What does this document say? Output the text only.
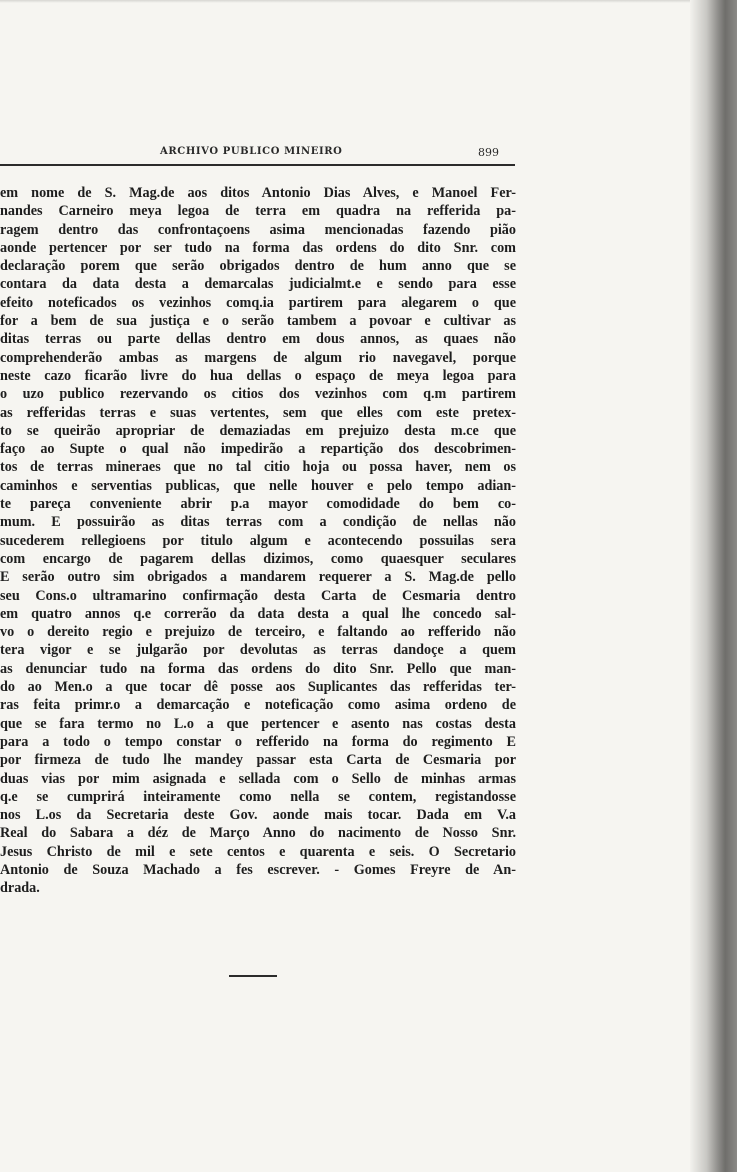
ARCHIVO PUBLICO MINEIRO	899
em nome de S. Mag.de aos ditos Antonio Dias Alves, e Manoel Fer-
nandes Carneiro meya legoa de terra em quadra na refferida pa-
ragem dentro das confrontaçoens asima mencionadas fazendo pião
aonde pertencer por ser tudo na forma das ordens do dito Snr. com
declaração porem que serão obrigados dentro de hum anno que se
contara da data desta a demarcalas judicialmt.e e sendo para esse
efeito noteficados os vezinhos comq.ia partirem para alegarem o que
for a bem de sua justiça e o serão tambem a povoar e cultivar as
ditas terras ou parte dellas dentro em dous annos, as quaes não
comprehenderão ambas as margens de algum rio navegavel, porque
neste cazo ficarão livre do hua dellas o espaço de meya legoa para
o uzo publico rezervando os citios dos vezinhos com q.m partirem
as refferidas terras e suas vertentes, sem que elles com este pretex-
to se queirão apropriar de demaziadas em prejuizo desta m.ce que
faço ao Supte o qual não impedirão a repartição dos descobrimen-
tos de terras mineraes que no tal citio hoja ou possa haver, nem os
caminhos e serventias publicas, que nelle houver e pelo tempo adian-
te pareça conveniente abrir p.a mayor comodidade do bem co-
mum. E possuirão as ditas terras com a condição de nellas não
sucederem rellegioens por titulo algum e acontecendo possuilas sera
com encargo de pagarem dellas dizimos, como quaesquer seculares
E serão outro sim obrigados a mandarem requerer a S. Mag.de pello
seu Cons.o ultramarino confirmação desta Carta de Cesmaria dentro
em quatro annos q.e correrão da data desta a qual lhe concedo sal-
vo o dereito regio e prejuizo de terceiro, e faltando ao refferido não
tera vigor e se julgarão por devolutas as terras dandoçe a quem
as denunciar tudo na forma das ordens do dito Snr. Pello que man-
do ao Men.o a que tocar dê posse aos Suplicantes das refferidas ter-
ras feita primr.o a demarcação e noteficação como asima ordeno de
que se fara termo no L.o a que pertencer e asento nas costas desta
para a todo o tempo constar o refferido na forma do regimento E
por firmeza de tudo lhe mandey passar esta Carta de Cesmaria por
duas vias por mim asignada e sellada com o Sello de minhas armas
q.e se cumprirá inteiramente como nella se contem, registandosse
nos L.os da Secretaria deste Gov. aonde mais tocar. Dada em V.a
Real do Sabara a déz de Março Anno do nacimento de Nosso Snr.
Jesus Christo de mil e sete centos e quarenta e seis. O Secretario
Antonio de Souza Machado a fes escrever. - Gomes Freyre de An-
drada.
